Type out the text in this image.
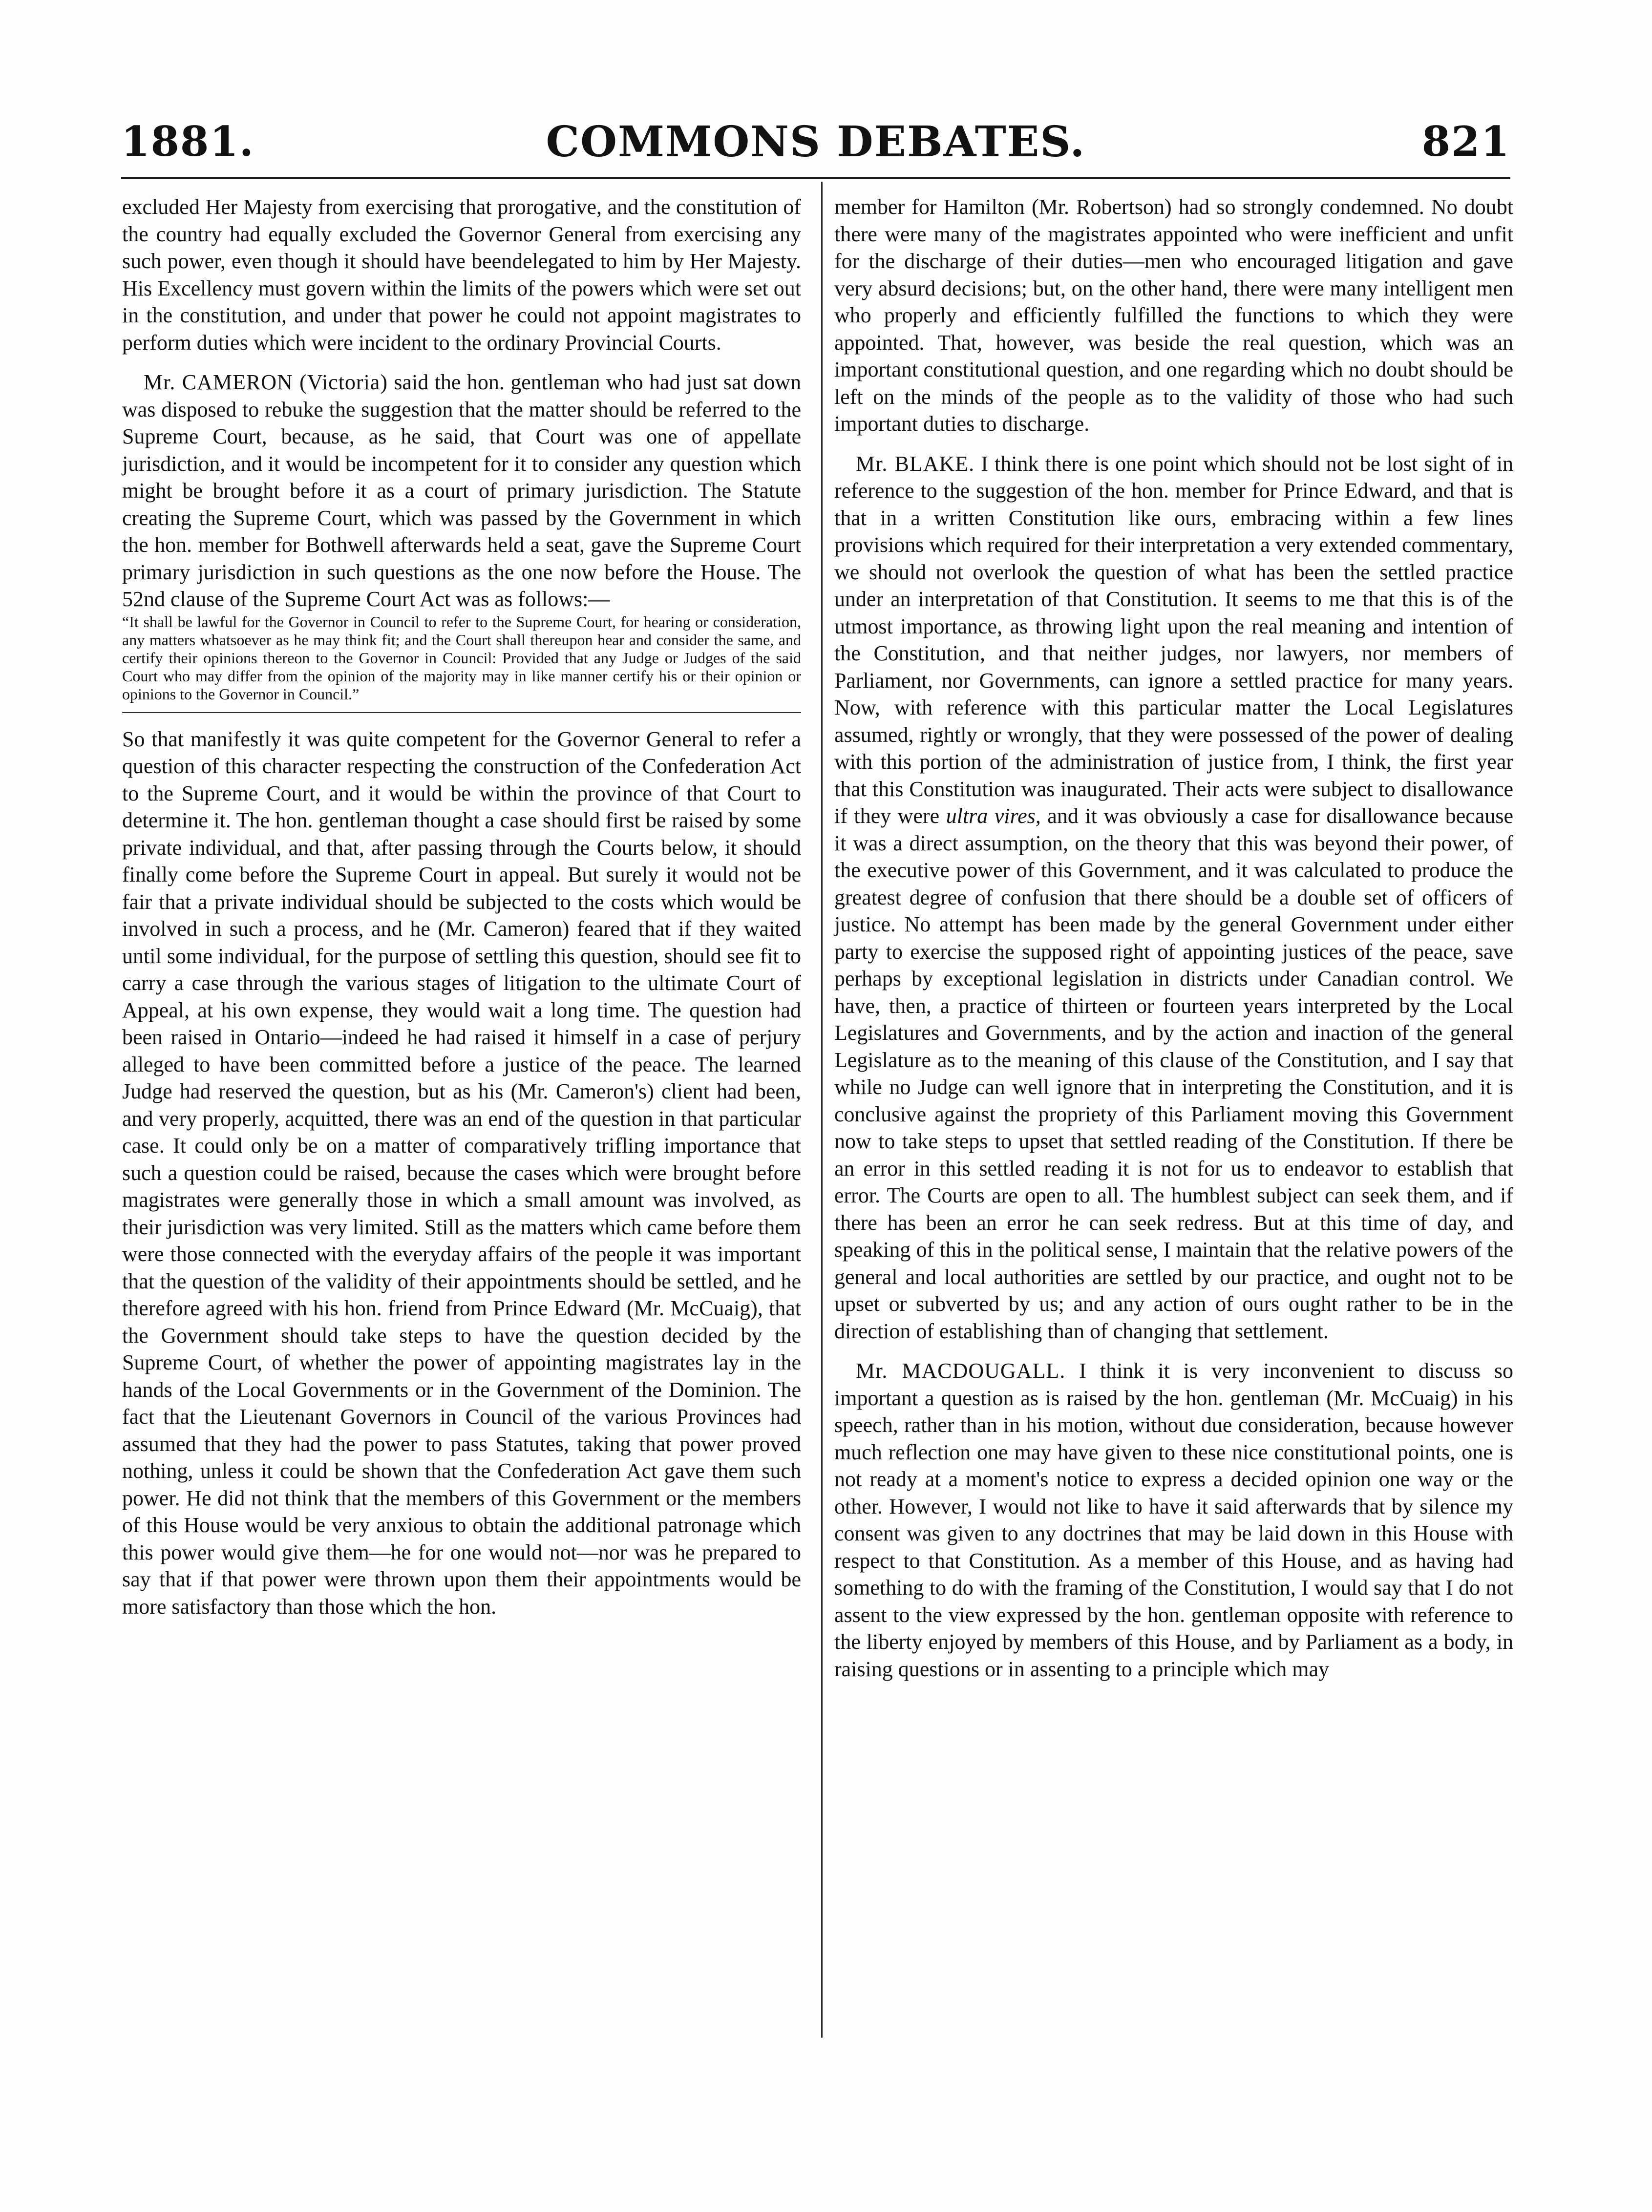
1881.	COMMONS DEBATES.	821

excluded Her Majesty from exercising that prorogative, and the constitution of the country had equally excluded the Governor General from exercising any such power, even though it should have beendelegated to him by Her Majesty. His Excellency must govern within the limits of the powers which were set out in the constitution, and under that power he could not appoint magistrates to perform duties which were incident to the ordinary Provincial Courts.

Mr. CAMERON (Victoria) said the hon. gentleman who had just sat down was disposed to rebuke the suggestion that the matter should be referred to the Supreme Court, because, as he said, that Court was one of appellate jurisdiction, and it would be incompetent for it to consider any question which might be brought before it as a court of primary jurisdiction. The Statute creating the Supreme Court, which was passed by the Government in which the hon. member for Bothwell afterwards held a seat, gave the Supreme Court primary jurisdiction in such questions as the one now before the House. The 52nd clause of the Supreme Court Act was as follows:—

“It shall be lawful for the Governor in Council to refer to the Supreme Court, for hearing or consideration, any matters whatsoever as he may think fit; and the Court shall thereupon hear and consider the same, and certify their opinions thereon to the Governor in Council: Provided that any Judge or Judges of the said Court who may differ from the opinion of the majority may in like manner certify his or their opinion or opinions to the Governor in Council.”

So that manifestly it was quite competent for the Governor General to refer a question of this character respecting the construction of the Confederation Act to the Supreme Court, and it would be within the province of that Court to determine it. The hon. gentleman thought a case should first be raised by some private individual, and that, after passing through the Courts below, it should finally come before the Supreme Court in appeal. But surely it would not be fair that a private individual should be subjected to the costs which would be involved in such a process, and he (Mr. Cameron) feared that if they waited until some individual, for the purpose of settling this question, should see fit to carry a case through the various stages of litigation to the ultimate Court of Appeal, at his own expense, they would wait a long time. The question had been raised in Ontario—indeed he had raised it himself in a case of perjury alleged to have been committed before a justice of the peace. The learned Judge had reserved the question, but as his (Mr. Cameron's) client had been, and very properly, acquitted, there was an end of the question in that particular case. It could only be on a matter of comparatively trifling importance that such a question could be raised, because the cases which were brought before magistrates were generally those in which a small amount was involved, as their jurisdiction was very limited. Still as the matters which came before them were those connected with the everyday affairs of the people it was important that the question of the validity of their appointments should be settled, and he therefore agreed with his hon. friend from Prince Edward (Mr. McCuaig), that the Government should take steps to have the question decided by the Supreme Court, of whether the power of appointing magistrates lay in the hands of the Local Governments or in the Government of the Dominion. The fact that the Lieutenant Governors in Council of the various Provinces had assumed that they had the power to pass Statutes, taking that power proved nothing, unless it could be shown that the Confederation Act gave them such power. He did not think that the members of this Government or the members of this House would be very anxious to obtain the additional patronage which this power would give them—he for one would not—nor was he prepared to say that if that power were thrown upon them their appointments would be more satisfactory than those which the hon.

member for Hamilton (Mr. Robertson) had so strongly condemned. No doubt there were many of the magistrates appointed who were inefficient and unfit for the discharge of their duties—men who encouraged litigation and gave very absurd decisions; but, on the other hand, there were many intelligent men who properly and efficiently fulfilled the functions to which they were appointed. That, however, was beside the real question, which was an important constitutional question, and one regarding which no doubt should be left on the minds of the people as to the validity of those who had such important duties to discharge.

Mr. BLAKE. I think there is one point which should not be lost sight of in reference to the suggestion of the hon. member for Prince Edward, and that is that in a written Constitution like ours, embracing within a few lines provisions which required for their interpretation a very extended commentary, we should not overlook the question of what has been the settled practice under an interpretation of that Constitution. It seems to me that this is of the utmost importance, as throwing light upon the real meaning and intention of the Constitution, and that neither judges, nor lawyers, nor members of Parliament, nor Governments, can ignore a settled practice for many years. Now, with reference with this particular matter the Local Legislatures assumed, rightly or wrongly, that they were possessed of the power of dealing with this portion of the administration of justice from, I think, the first year that this Constitution was inaugurated. Their acts were subject to disallowance if they were ultra vires, and it was obviously a case for disallowance because it was a direct assumption, on the theory that this was beyond their power, of the executive power of this Government, and it was calculated to produce the greatest degree of confusion that there should be a double set of officers of justice. No attempt has been made by the general Government under either party to exercise the supposed right of appointing justices of the peace, save perhaps by exceptional legislation in districts under Canadian control. We have, then, a practice of thirteen or fourteen years interpreted by the Local Legislatures and Governments, and by the action and inaction of the general Legislature as to the meaning of this clause of the Constitution, and I say that while no Judge can well ignore that in interpreting the Constitution, and it is conclusive against the propriety of this Parliament moving this Government now to take steps to upset that settled reading of the Constitution. If there be an error in this settled reading it is not for us to endeavor to establish that error. The Courts are open to all. The humblest subject can seek them, and if there has been an error he can seek redress. But at this time of day, and speaking of this in the political sense, I maintain that the relative powers of the general and local authorities are settled by our practice, and ought not to be upset or subverted by us; and any action of ours ought rather to be in the direction of establishing than of changing that settlement.

Mr. MACDOUGALL. I think it is very inconvenient to discuss so important a question as is raised by the hon. gentleman (Mr. McCuaig) in his speech, rather than in his motion, without due consideration, because however much reflection one may have given to these nice constitutional points, one is not ready at a moment's notice to express a decided opinion one way or the other. However, I would not like to have it said afterwards that by silence my consent was given to any doctrines that may be laid down in this House with respect to that Constitution. As a member of this House, and as having had something to do with the framing of the Constitution, I would say that I do not assent to the view expressed by the hon. gentleman opposite with reference to the liberty enjoyed by members of this House, and by Parliament as a body, in raising questions or in assenting to a principle which may
